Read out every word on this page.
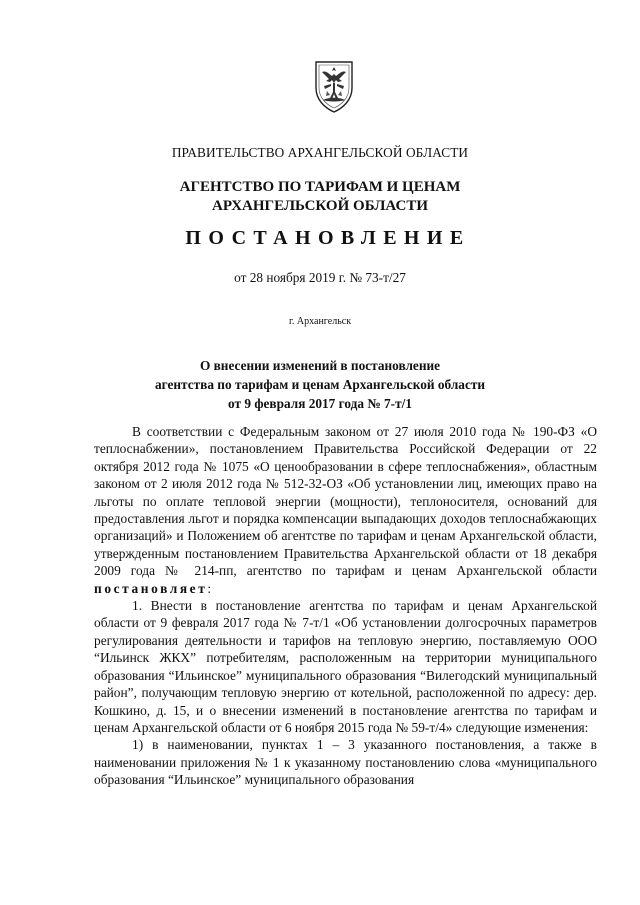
ПРАВИТЕЛЬСТВО АРХАНГЕЛЬСКОЙ ОБЛАСТИ
АГЕНТСТВО ПО ТАРИФАМ И ЦЕНАМ
АРХАНГЕЛЬСКОЙ ОБЛАСТИ
ПОСТАНОВЛЕНИЕ
от 28 ноября 2019 г. № 73-т/27
г. Архангельск
О внесении изменений в постановление
агентства по тарифам и ценам Архангельской области
от 9 февраля 2017 года № 7-т/1

В соответствии с Федеральным законом от 27 июля 2010 года № 190-ФЗ «О теплоснабжении», постановлением Правительства Российской Федерации от 22 октября 2012 года № 1075 «О ценообразовании в сфере теплоснабжения», областным законом от 2 июля 2012 года № 512-32-ОЗ «Об установлении лиц, имеющих право на льготы по оплате тепловой энергии (мощности), теплоносителя, оснований для предоставления льгот и порядка компенсации выпадающих доходов теплоснабжающих организаций» и Положением об агентстве по тарифам и ценам Архангельской области, утвержденным постановлением Правительства Архангельской области от 18 декабря 2009 года № 214-пп, агентство по тарифам и ценам Архангельской области постановляет:

1. Внести в постановление агентства по тарифам и ценам Архангельской области от 9 февраля 2017 года № 7-т/1 «Об установлении долгосрочных параметров регулирования деятельности и тарифов на тепловую энергию, поставляемую ООО “Ильинск ЖКХ” потребителям, расположенным на территории муниципального образования “Ильинское” муниципального образования “Вилегодский муниципальный район”, получающим тепловую энергию от котельной, расположенной по адресу: дер. Кошкино, д. 15, и о внесении изменений в постановление агентства по тарифам и ценам Архангельской области от 6 ноября 2015 года № 59-т/4» следующие изменения:

1) в наименовании, пунктах 1 – 3 указанного постановления, а также в наименовании приложения № 1 к указанному постановлению слова «муниципального образования “Ильинское” муниципального образования
